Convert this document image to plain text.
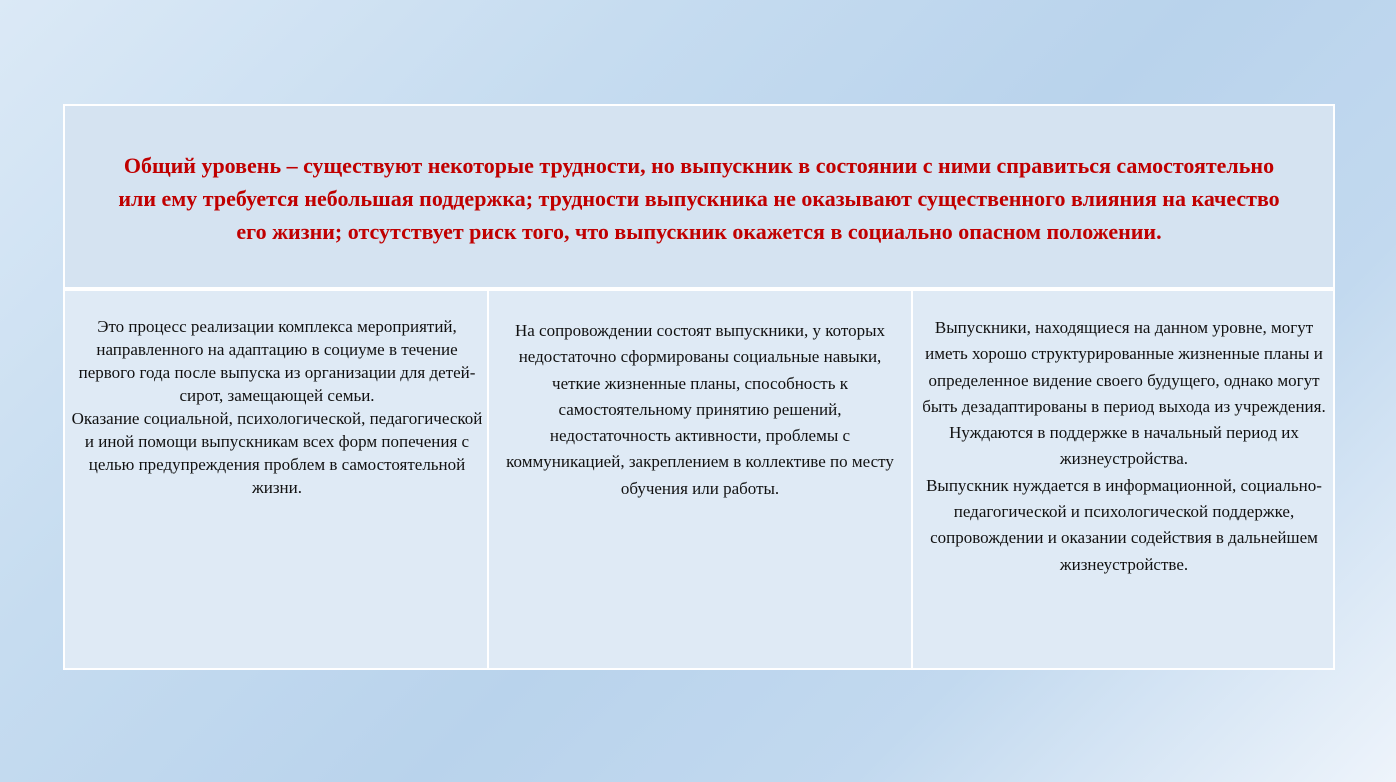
Общий уровень – существуют некоторые трудности, но выпускник в состоянии с ними справиться самостоятельно или ему требуется небольшая поддержка; трудности выпускника не оказывают существенного влияния на качество его жизни; отсутствует риск того, что выпускник окажется в социально опасном положении.

Это процесс реализации комплекса мероприятий, направленного на адаптацию в социуме в течение первого года после выпуска из организации для детей-сирот, замещающей семьи.

Оказание социальной, психологической, педагогической и иной помощи выпускникам всех форм попечения с целью предупреждения проблем в самостоятельной жизни.

На сопровождении состоят выпускники, у которых недостаточно сформированы социальные навыки, четкие жизненные планы, способность к самостоятельному принятию решений, недостаточность активности, проблемы с коммуникацией, закреплением в коллективе по месту обучения или работы.

Выпускники, находящиеся на данном уровне, могут иметь хорошо структурированные жизненные планы и определенное видение своего будущего, однако могут быть дезадаптированы в период выхода из учреждения. Нуждаются в поддержке в начальный период их жизнеустройства.

Выпускник нуждается в информационной, социально-педагогической и психологической поддержке, сопровождении и оказании содействия в дальнейшем жизнеустройстве.
